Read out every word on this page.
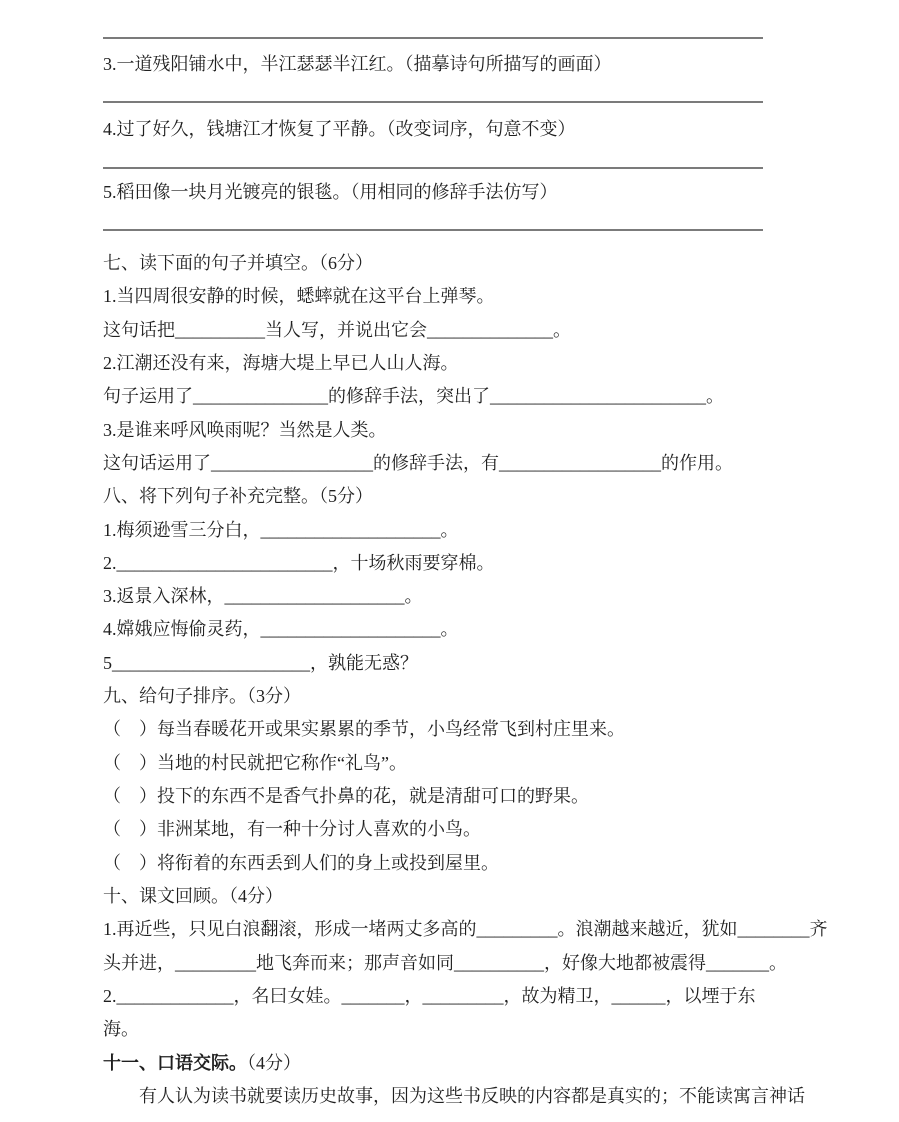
3.一道残阳铺水中，半江瑟瑟半江红。（描摹诗句所描写的画面）
4.过了好久，钱塘江才恢复了平静。（改变词序，句意不变）
5.稻田像一块月光镀亮的银毯。（用相同的修辞手法仿写）
七、读下面的句子并填空。（6分）
1.当四周很安静的时候，蟋蟀就在这平台上弹琴。
这句话把__________当人写，并说出它会______________。
2.江潮还没有来，海塘大堤上早已人山人海。
句子运用了_______________的修辞手法，突出了________________________。
3.是谁来呼风唤雨呢？当然是人类。
这句话运用了__________________的修辞手法，有__________________的作用。
八、将下列句子补充完整。（5分）
1.梅须逊雪三分白，____________________。
2.________________________，十场秋雨要穿棉。
3.返景入深林，____________________。
4.嫦娥应悔偷灵药，____________________。
5______________________，孰能无惑？
九、给句子排序。（3分）
（　）每当春暖花开或果实累累的季节，小鸟经常飞到村庄里来。
（　）当地的村民就把它称作“礼鸟”。
（　）投下的东西不是香气扑鼻的花，就是清甜可口的野果。
（　）非洲某地，有一种十分讨人喜欢的小鸟。
（　）将衔着的东西丢到人们的身上或投到屋里。
十、课文回顾。（4分）
1.再近些，只见白浪翻滚，形成一堵两丈多高的_________。浪潮越来越近，犹如________齐
头并进，_________地飞奔而来；那声音如同__________，好像大地都被震得_______。
2._____________，名曰女娃。_______，_________，故为精卫，______，以堙于东
海。
十一、口语交际。（4分）
有人认为读书就要读历史故事，因为这些书反映的内容都是真实的；不能读寓言神话
